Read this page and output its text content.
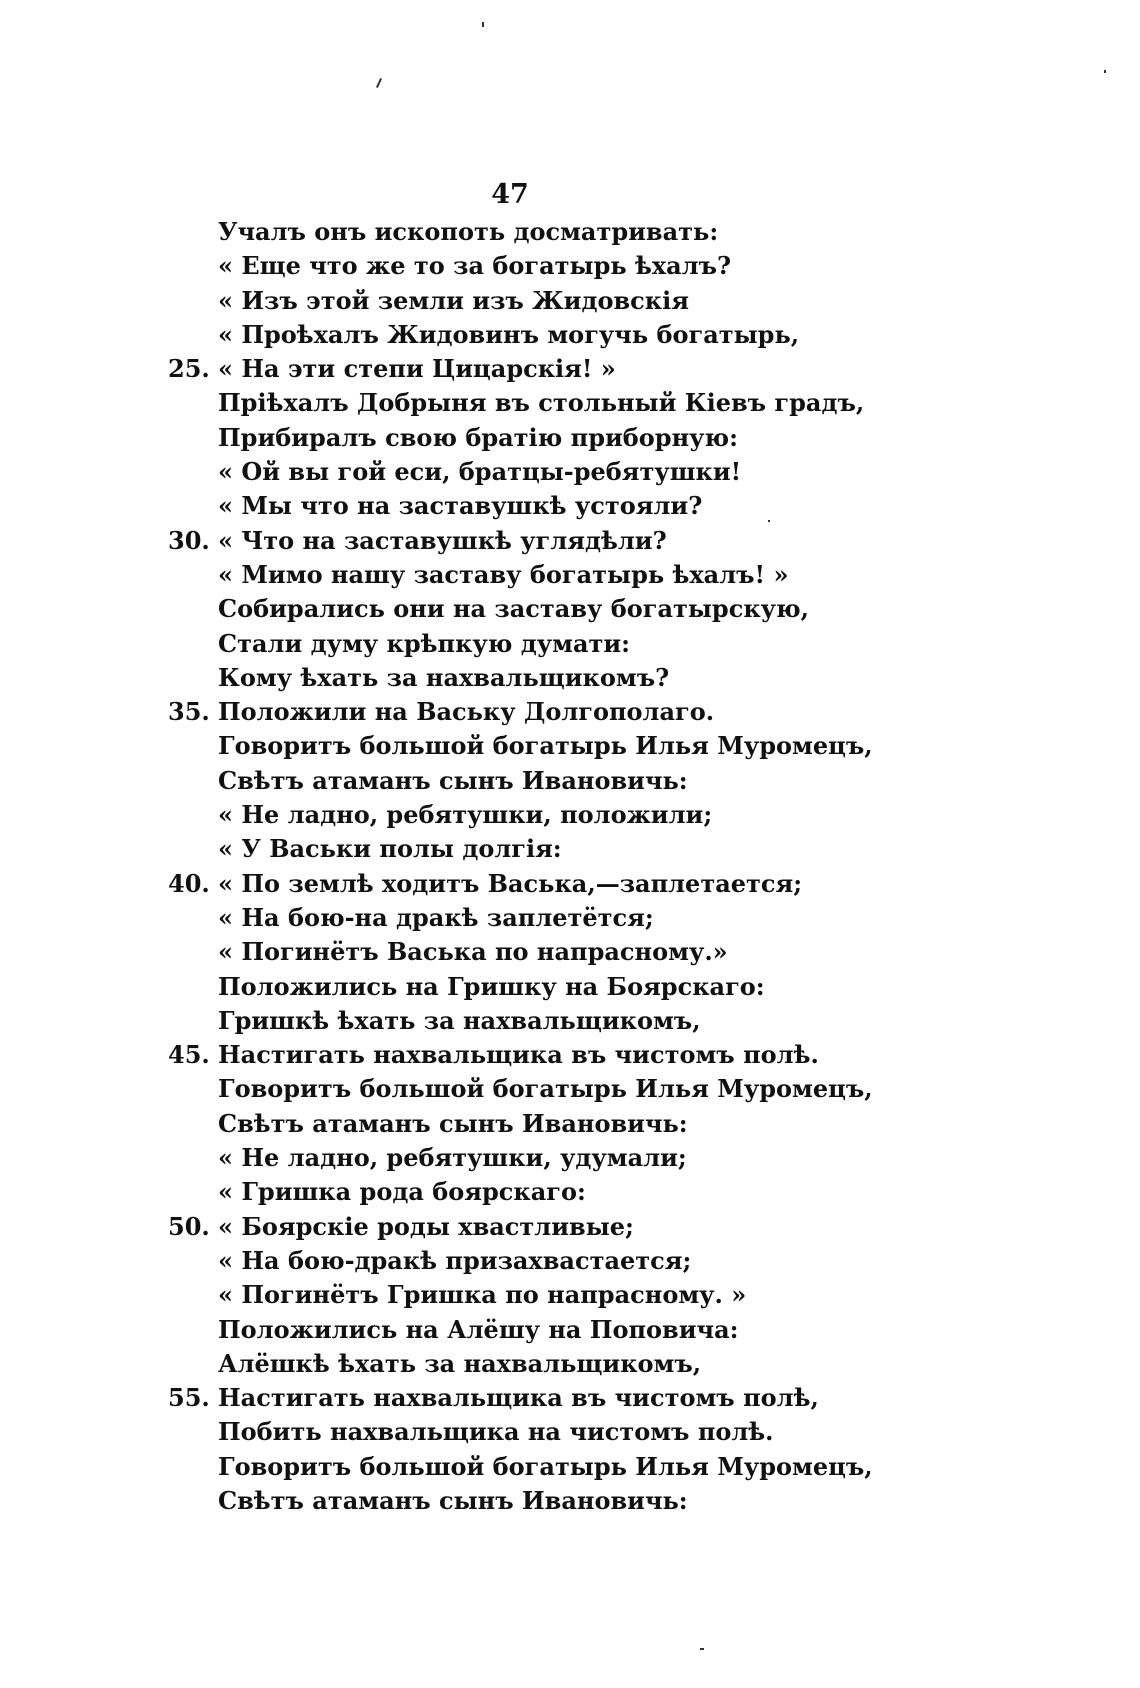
47
Учалъ онъ ископоть досматривать:
« Еще что же то за богатырь ѣхалъ?
« Изъ этой земли изъ Жидовскія
« Проѣхалъ Жидовинъ могучь богатырь,
25. « На эти степи Цицарскія! »
Пріѣхалъ Добрыня въ стольный Кіевъ градъ,
Прибиралъ свою братію приборную:
« Ой вы гой еси, братцы-ребятушки!
« Мы что на заставушкѣ устояли?
30. « Что на заставушкѣ углядѣли?
« Мимо нашу заставу богатырь ѣхалъ! »
Собирались они на заставу богатырскую,
Стали думу крѣпкую думати:
Кому ѣхать за нахвальщикомъ?
35. Положили на Ваську Долгополаго.
Говоритъ большой богатырь Илья Муромецъ,
Свѣтъ атаманъ сынъ Ивановичь:
« Не ладно, ребятушки, положили;
« У Васьки полы долгія:
40. « По землѣ ходитъ Васька,—заплетается;
« На бою-на дракѣ заплетётся;
« Погинётъ Васька по напрасному.»
Положились на Гришку на Боярскаго:
Гришкѣ ѣхать за нахвальщикомъ,
45. Настигать нахвальщика въ чистомъ полѣ.
Говоритъ большой богатырь Илья Муромецъ,
Свѣтъ атаманъ сынъ Ивановичь:
« Не ладно, ребятушки, удумали;
« Гришка рода боярскаго:
50. « Боярскіе роды хвастливые;
« На бою-дракѣ призахвастается;
« Погинётъ Гришка по напрасному. »
Положились на Алёшу на Поповича:
Алёшкѣ ѣхать за нахвальщикомъ,
55. Настигать нахвальщика въ чистомъ полѣ,
Побить нахвальщика на чистомъ полѣ.
Говоритъ большой богатырь Илья Муромецъ,
Свѣтъ атаманъ сынъ Ивановичь:
